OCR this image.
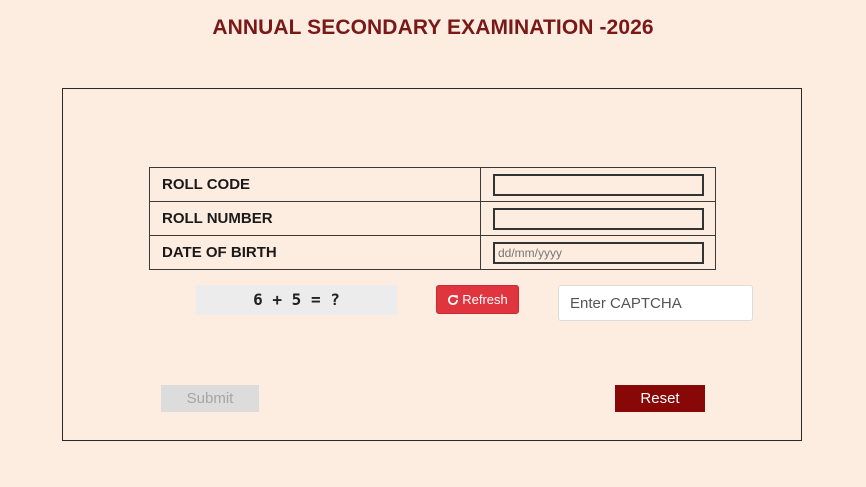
ANNUAL SECONDARY EXAMINATION -2026
ROLL CODE	
ROLL NUMBER	
DATE OF BIRTH	dd/mm/yyyy
6 + 5 = ?	Refresh
Enter CAPTCHA
Submit	Reset
